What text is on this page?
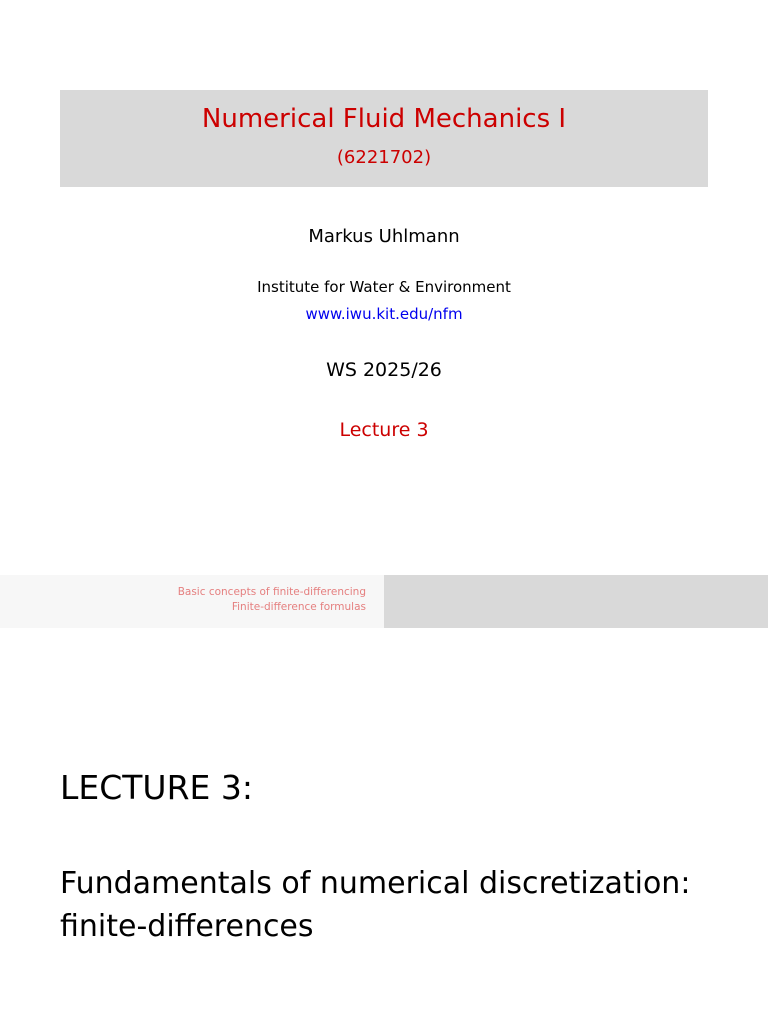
Numerical Fluid Mechanics I
(6221702)
Markus Uhlmann
Institute for Water & Environment
www.iwu.kit.edu/nfm
WS 2025/26
Lecture 3
Basic concepts of finite-differencing
Finite-difference formulas
LECTURE 3:
Fundamentals of numerical discretization:
finite-differences
